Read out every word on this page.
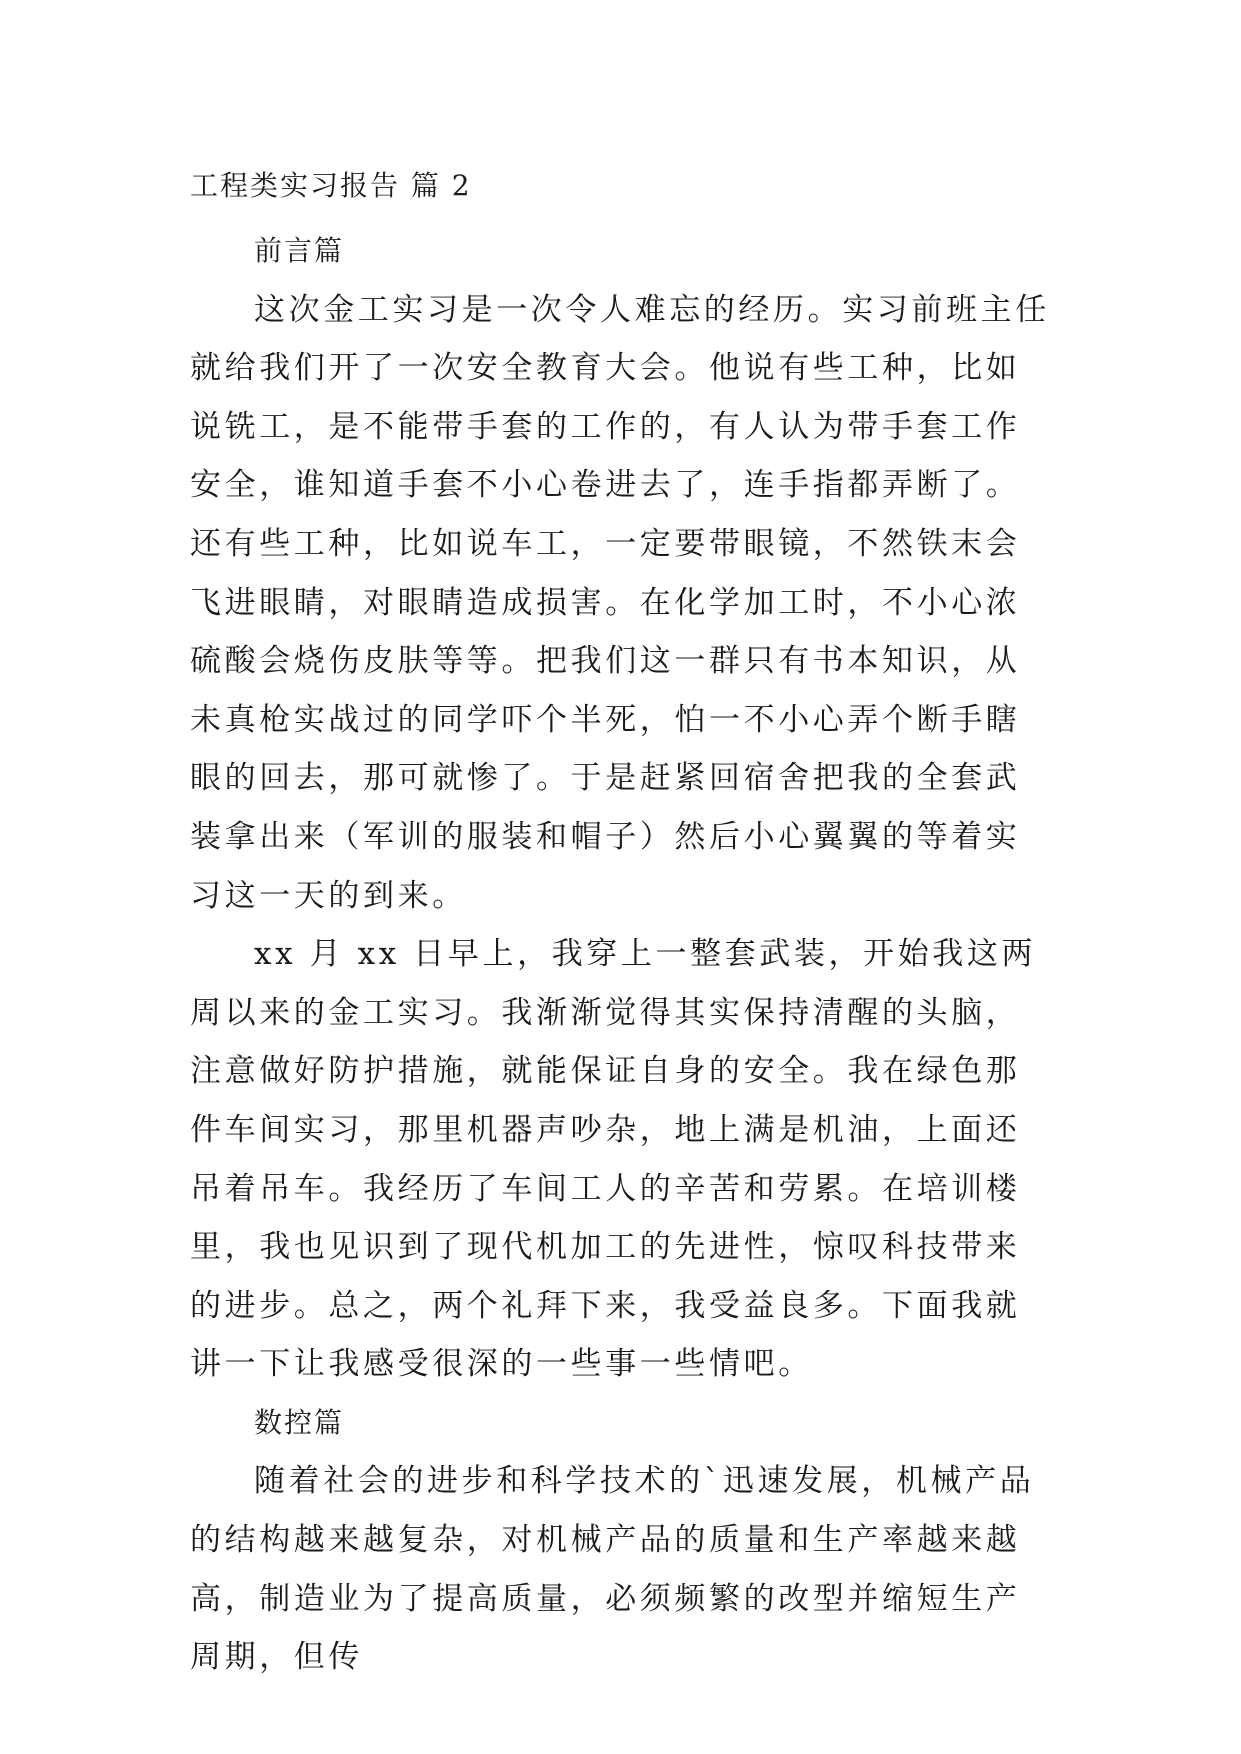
工程类实习报告 篇 2

前言篇

这次金工实习是一次令人难忘的经历。实习前班主任就给我们开了一次安全教育大会。他说有些工种，比如说铣工，是不能带手套的工作的，有人认为带手套工作安全，谁知道手套不小心卷进去了，连手指都弄断了。还有些工种，比如说车工，一定要带眼镜，不然铁末会飞进眼睛，对眼睛造成损害。在化学加工时，不小心浓硫酸会烧伤皮肤等等。把我们这一群只有书本知识，从未真枪实战过的同学吓个半死，怕一不小心弄个断手瞎眼的回去，那可就惨了。于是赶紧回宿舍把我的全套武装拿出来（军训的服装和帽子）然后小心翼翼的等着实习这一天的到来。

xx 月 xx 日早上，我穿上一整套武装，开始我这两周以来的金工实习。我渐渐觉得其实保持清醒的头脑，注意做好防护措施，就能保证自身的安全。我在绿色那件车间实习，那里机器声吵杂，地上满是机油，上面还吊着吊车。我经历了车间工人的辛苦和劳累。在培训楼里，我也见识到了现代机加工的先进性，惊叹科技带来的进步。总之，两个礼拜下来，我受益良多。下面我就讲一下让我感受很深的一些事一些情吧。

数控篇

随着社会的进步和科学技术的`迅速发展，机械产品的结构越来越复杂，对机械产品的质量和生产率越来越高，制造业为了提高质量，必须频繁的改型并缩短生产周期，但传
